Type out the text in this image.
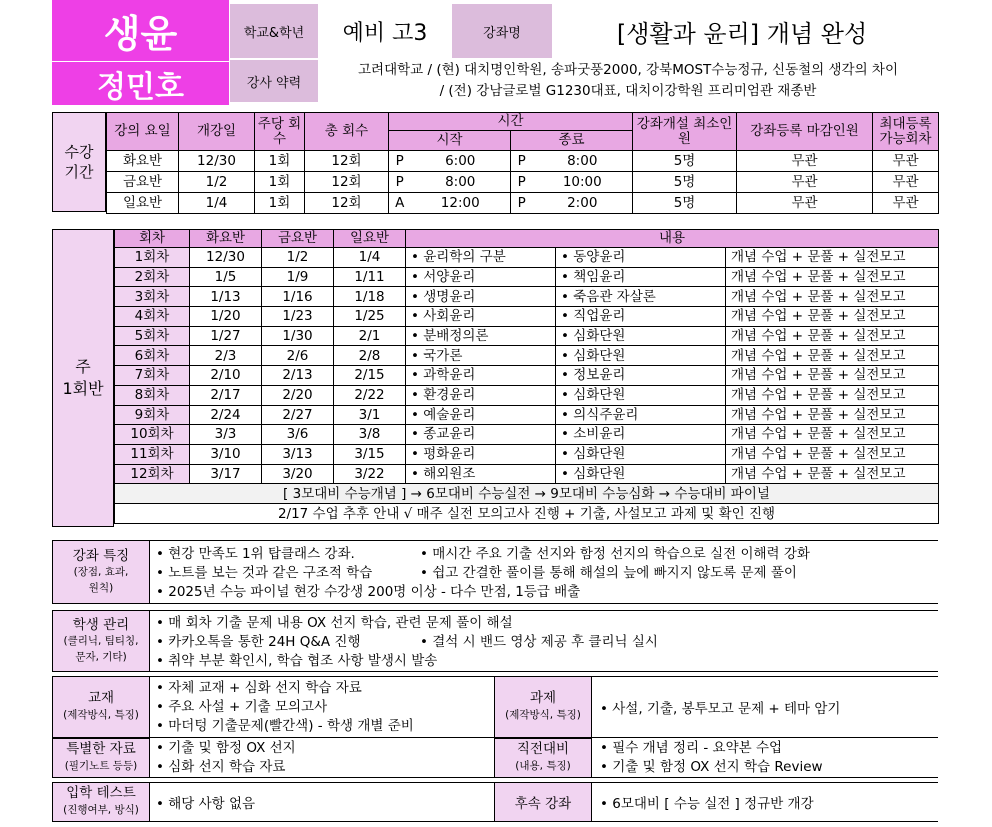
생윤
정민호
학교&학년	예비 고3	강좌명	[생활과 윤리] 개념 완성
강사 약력
고려대학교 / (현) 대치명인학원, 송파굿풍2000, 강북MOST수능정규, 신동철의 생각의 차이
/ (전) 강남글로벌 G1230대표, 대치이강학원 프리미엄관 재종반
수강
기간
강의 요일	개강일	주당 회수	총 회수	시간				강좌개설 최소인원	강좌등록 마감인원	최대등록 가능회차
				시작		종료				
화요반	12/30	1회	12회	P	6:00	P	8:00	5명	무관	무관
금요반	1/2	1회	12회	P	8:00	P	10:00	5명	무관	무관
일요반	1/4	1회	12회	A	12:00	P	2:00	5명	무관	무관
주
1회반
회차	화요반	금요반	일요반	내용		
1회차	12/30	1/2	1/4	• 윤리학의 구분	• 동양윤리	개념 수업 + 문풀 + 실전모고
2회차	1/5	1/9	1/11	• 서양윤리	• 책임윤리	개념 수업 + 문풀 + 실전모고
3회차	1/13	1/16	1/18	• 생명윤리	• 죽음관 자살론	개념 수업 + 문풀 + 실전모고
4회차	1/20	1/23	1/25	• 사회윤리	• 직업윤리	개념 수업 + 문풀 + 실전모고
5회차	1/27	1/30	2/1	• 분배정의론	• 심화단원	개념 수업 + 문풀 + 실전모고
6회차	2/3	2/6	2/8	• 국가론	• 심화단원	개념 수업 + 문풀 + 실전모고
7회차	2/10	2/13	2/15	• 과학윤리	• 정보윤리	개념 수업 + 문풀 + 실전모고
8회차	2/17	2/20	2/22	• 환경윤리	• 심화단원	개념 수업 + 문풀 + 실전모고
9회차	2/24	2/27	3/1	• 예술윤리	• 의식주윤리	개념 수업 + 문풀 + 실전모고
10회차	3/3	3/6	3/8	• 종교윤리	• 소비윤리	개념 수업 + 문풀 + 실전모고
11회차	3/10	3/13	3/15	• 평화윤리	• 심화단원	개념 수업 + 문풀 + 실전모고
12회차	3/17	3/20	3/22	• 해외원조	• 심화단원	개념 수업 + 문풀 + 실전모고
[ 3모대비 수능개념 ] → 6모대비 수능실전 → 9모대비 수능심화 → 수능대비 파이널						
2/17 수업 추후 안내 √ 매주 실전 모의고사 진행 + 기출, 사설모고 과제 및 확인 진행						
강좌 특징
(장점, 효과,
원칙)
• 현강 만족도 1위 탑클래스 강좌.	• 매시간 주요 기출 선지와 함정 선지의 학습으로 실전 이해력 강화
• 노트를 보는 것과 같은 구조적 학습	• 쉽고 간결한 풀이를 통해 해설의 늪에 빠지지 않도록 문제 풀이
• 2025년 수능 파이널 현강 수강생 200명 이상 - 다수 만점, 1등급 배출
학생 관리
(클리닉, 팀티칭,
문자, 기타)
• 매 회차 기출 문제 내용 OX 선지 학습, 관련 문제 풀이 해설
• 카카오톡을 통한 24H Q&A 진행	• 결석 시 밴드 영상 제공 후 클리닉 실시
• 취약 부분 확인시, 학습 협조 사항 발생시 발송
교재
(제작방식, 특징)
• 자체 교재 + 심화 선지 학습 자료
• 주요 사설 + 기출 모의고사
• 마더텅 기출문제(빨간색) - 학생 개별 준비
과제
(제작방식, 특징)	• 사설, 기출, 봉투모고 문제 + 테마 암기
특별한 자료
(필기노트 등등)
• 기출 및 함정 OX 선지
• 심화 선지 학습 자료
직전대비
(내용, 특징)
• 필수 개념 정리 - 요약본 수업
• 기출 및 함정 OX 선지 학습 Review
입학 테스트
(진행여부, 방식)	• 해당 사항 없음	후속 강좌	• 6모대비 [ 수능 실전 ] 정규반 개강
